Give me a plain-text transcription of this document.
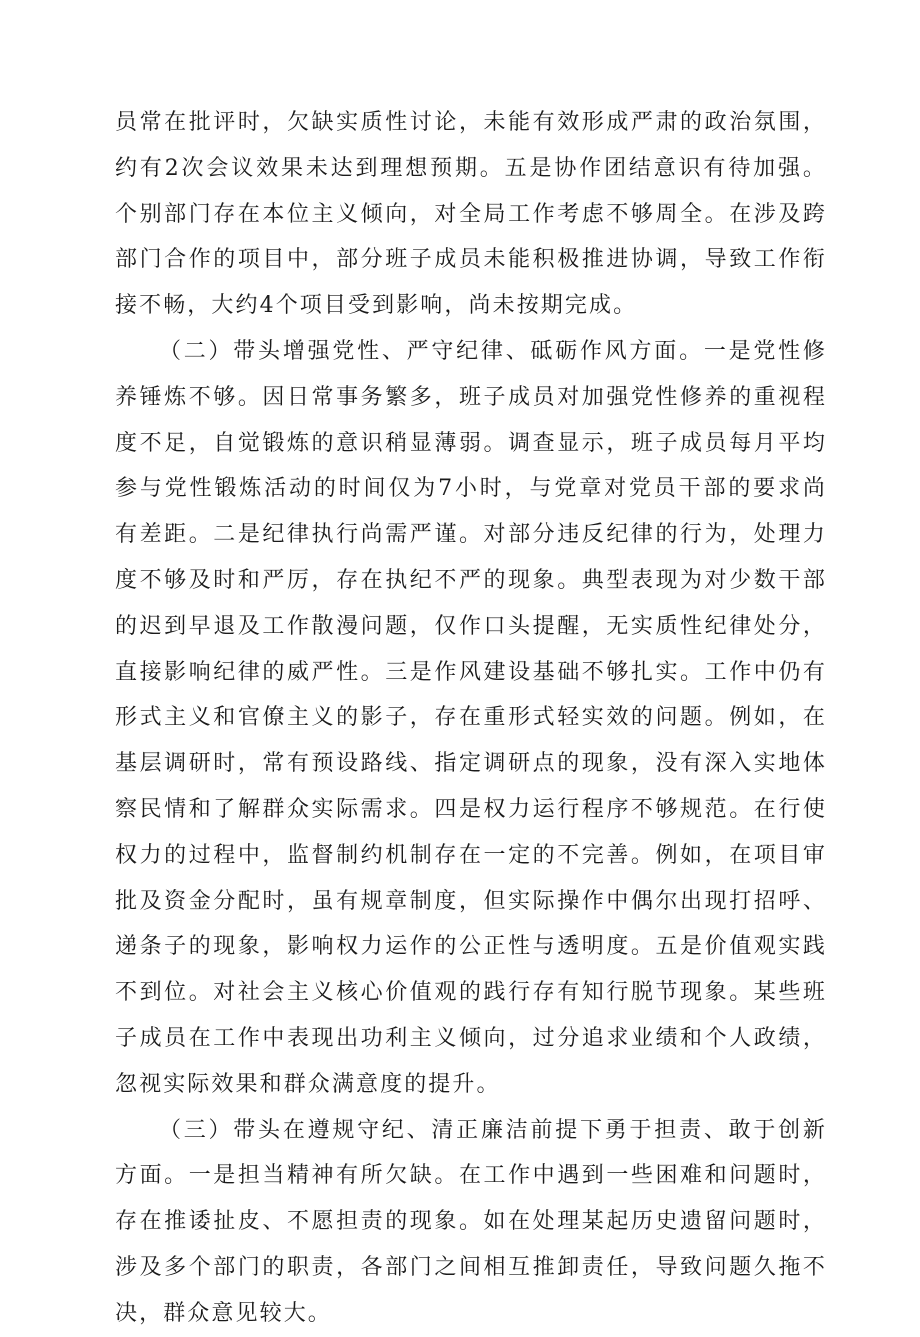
员常在批评时，欠缺实质性讨论，未能有效形成严肃的政治氛围，约有2次会议效果未达到理想预期。五是协作团结意识有待加强。个别部门存在本位主义倾向，对全局工作考虑不够周全。在涉及跨部门合作的项目中，部分班子成员未能积极推进协调，导致工作衔接不畅，大约4个项目受到影响，尚未按期完成。

（二）带头增强党性、严守纪律、砥砺作风方面。一是党性修养锤炼不够。因日常事务繁多，班子成员对加强党性修养的重视程度不足，自觉锻炼的意识稍显薄弱。调查显示，班子成员每月平均参与党性锻炼活动的时间仅为7小时，与党章对党员干部的要求尚有差距。二是纪律执行尚需严谨。对部分违反纪律的行为，处理力度不够及时和严厉，存在执纪不严的现象。典型表现为对少数干部的迟到早退及工作散漫问题，仅作口头提醒，无实质性纪律处分，直接影响纪律的威严性。三是作风建设基础不够扎实。工作中仍有形式主义和官僚主义的影子，存在重形式轻实效的问题。例如，在基层调研时，常有预设路线、指定调研点的现象，没有深入实地体察民情和了解群众实际需求。四是权力运行程序不够规范。在行使权力的过程中，监督制约机制存在一定的不完善。例如，在项目审批及资金分配时，虽有规章制度，但实际操作中偶尔出现打招呼、递条子的现象，影响权力运作的公正性与透明度。五是价值观实践不到位。对社会主义核心价值观的践行存有知行脱节现象。某些班子成员在工作中表现出功利主义倾向，过分追求业绩和个人政绩，忽视实际效果和群众满意度的提升。

（三）带头在遵规守纪、清正廉洁前提下勇于担责、敢于创新方面。一是担当精神有所欠缺。在工作中遇到一些困难和问题时，存在推诿扯皮、不愿担责的现象。如在处理某起历史遗留问题时，涉及多个部门的职责，各部门之间相互推卸责任，导致问题久拖不决，群众意见较大。
